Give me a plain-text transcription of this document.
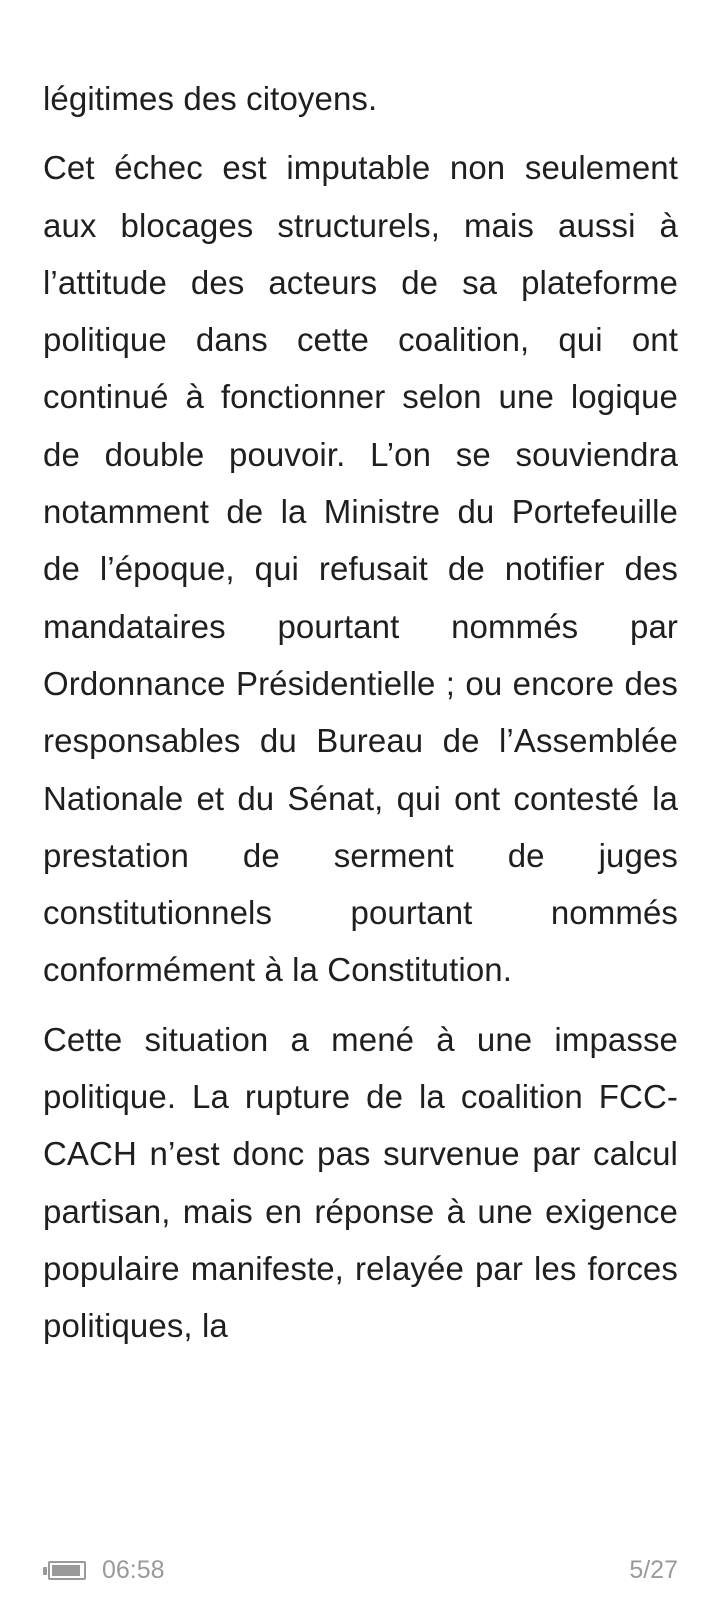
légitimes des citoyens.

Cet échec est imputable non seulement aux blocages structurels, mais aussi à l’attitude des acteurs de sa plateforme politique dans cette coalition, qui ont continué à fonctionner selon une logique de double pouvoir. L’on se souviendra notamment de la Ministre du Portefeuille de l’époque, qui refusait de notifier des mandataires pourtant nommés par Ordonnance Présidentielle ; ou encore des responsables du Bureau de l’Assemblée Nationale et du Sénat, qui ont contesté la prestation de serment de juges constitutionnels pourtant nommés conformément à la Constitution.

Cette situation a mené à une impasse politique. La rupture de la coalition FCC-CACH n’est donc pas survenue par calcul partisan, mais en réponse à une exigence populaire manifeste, relayée par les forces politiques, la

06:58	5/27
